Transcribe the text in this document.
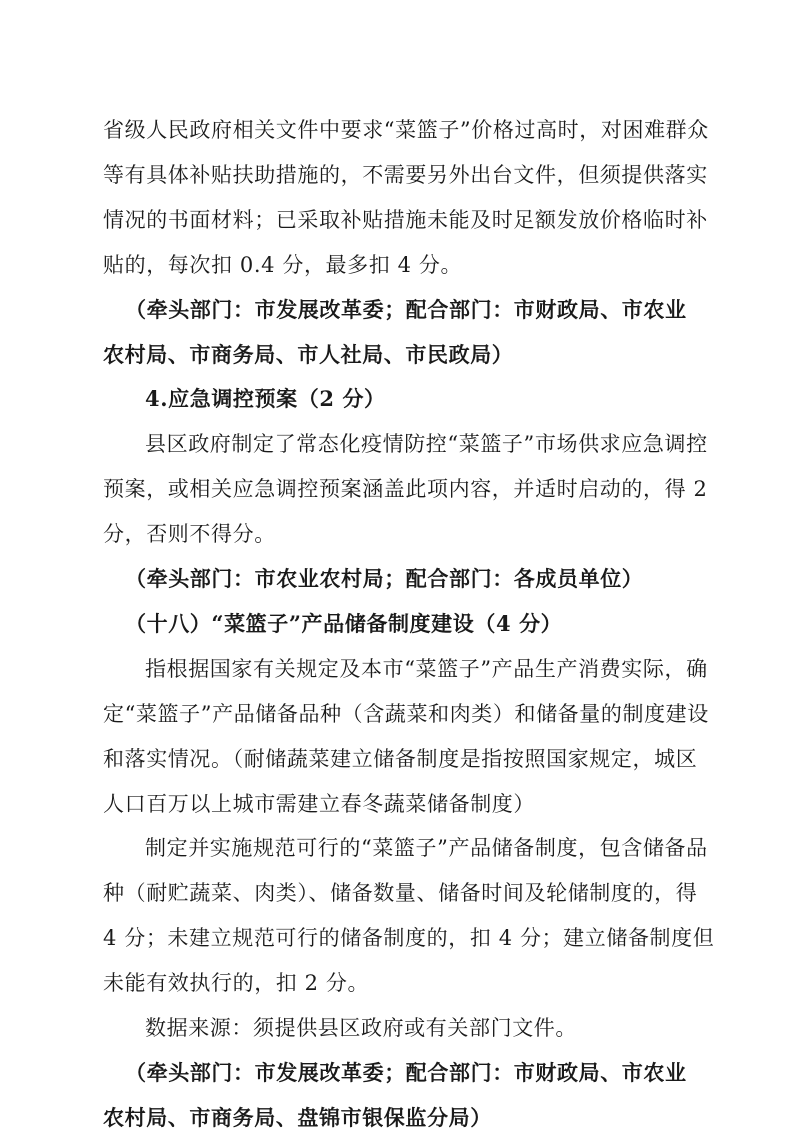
省级人民政府相关文件中要求“菜篮子”价格过高时，对困难群众
等有具体补贴扶助措施的，不需要另外出台文件，但须提供落实
情况的书面材料；已采取补贴措施未能及时足额发放价格临时补
贴的，每次扣 0.4 分，最多扣 4 分。
（牵头部门：市发展改革委；配合部门：市财政局、市农业
农村局、市商务局、市人社局、市民政局）
4.应急调控预案（2 分）
县区政府制定了常态化疫情防控“菜篮子”市场供求应急调控
预案，或相关应急调控预案涵盖此项内容，并适时启动的，得 2
分，否则不得分。
（牵头部门：市农业农村局；配合部门：各成员单位）
（十八）“菜篮子”产品储备制度建设（4 分）
指根据国家有关规定及本市“菜篮子”产品生产消费实际，确
定“菜篮子”产品储备品种（含蔬菜和肉类）和储备量的制度建设
和落实情况。（耐储蔬菜建立储备制度是指按照国家规定，城区
人口百万以上城市需建立春冬蔬菜储备制度）
制定并实施规范可行的“菜篮子”产品储备制度，包含储备品
种（耐贮蔬菜、肉类）、储备数量、储备时间及轮储制度的，得
4 分；未建立规范可行的储备制度的，扣 4 分；建立储备制度但
未能有效执行的，扣 2 分。
数据来源：须提供县区政府或有关部门文件。
（牵头部门：市发展改革委；配合部门：市财政局、市农业
农村局、市商务局、盘锦市银保监分局）
